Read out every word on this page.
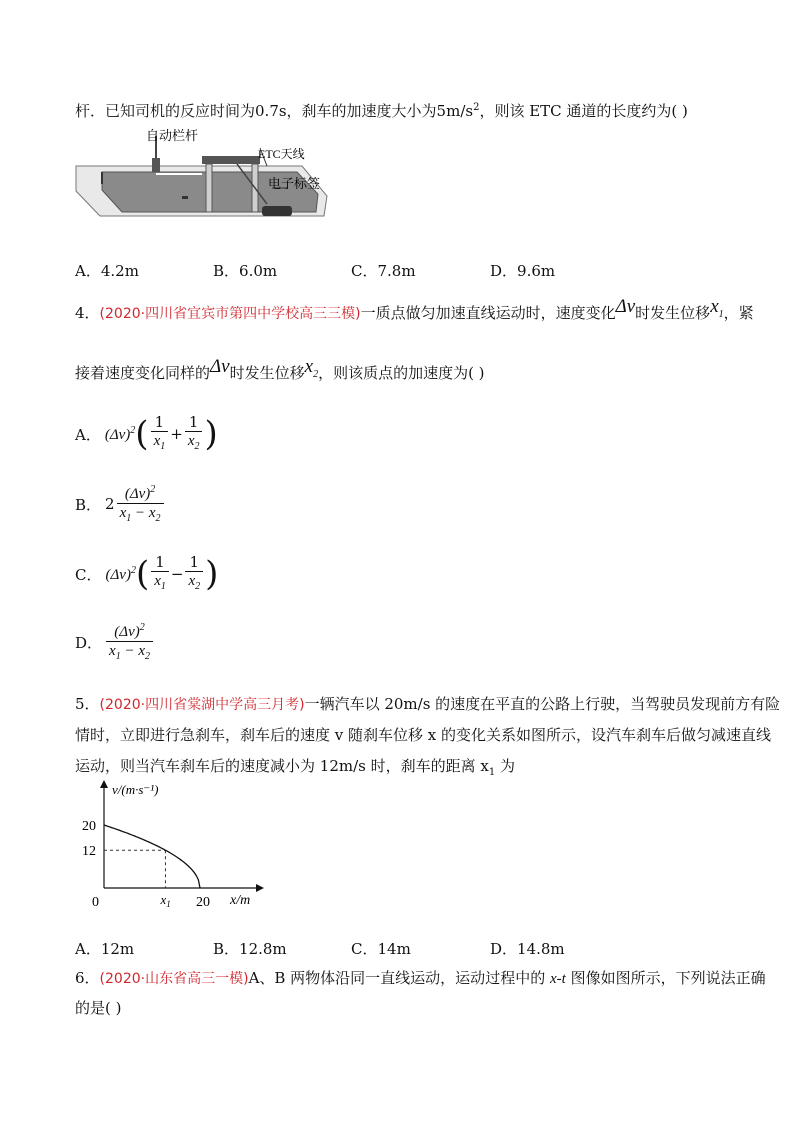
杆．已知司机的反应时间为0.7s，刹车的加速度大小为$5m/s^2$，则该 ETC 通道的长度约为( )
自动栏杆
ETC天线
电子标签
A．4.2m	B．6.0m	C．7.8m	D．9.6m
4．(2020·四川省宜宾市第四中学校高三三模)一质点做匀加速直线运动时，速度变化Δv时发生位移$x_1$，紧
接着速度变化同样的Δv时发生位移$x_2$，则该质点的加速度为( )
A． $(\Delta v)^2$ ( $\frac{1}{x_1} + \frac{1}{x_2}$ )
B． $2 \frac{(\Delta v)^2}{x_1 - x_2}$
C． $(\Delta v)^2$ ( $\frac{1}{x_1} - \frac{1}{x_2}$ )
D． $\frac{(\Delta v)^2}{x_1 - x_2}$
5．(2020·四川省棠湖中学高三月考)一辆汽车以 20m/s 的速度在平直的公路上行驶，当驾驶员发现前方有险
情时，立即进行急刹车，刹车后的速度 v 随刹车位移 x 的变化关系如图所示，设汽车刹车后做匀减速直线
运动，则当汽车刹车后的速度减小为 12m/s 时，刹车的距离 $x_1$ 为
v/(m·s⁻¹)
x/m
0
20
12
$x_1$ 20
A．12m	B．12.8m	C．14m	D．14.8m
6．(2020·山东省高三一模)A、B 两物体沿同一直线运动，运动过程中的 x-t 图像如图所示，下列说法正确
的是( )
